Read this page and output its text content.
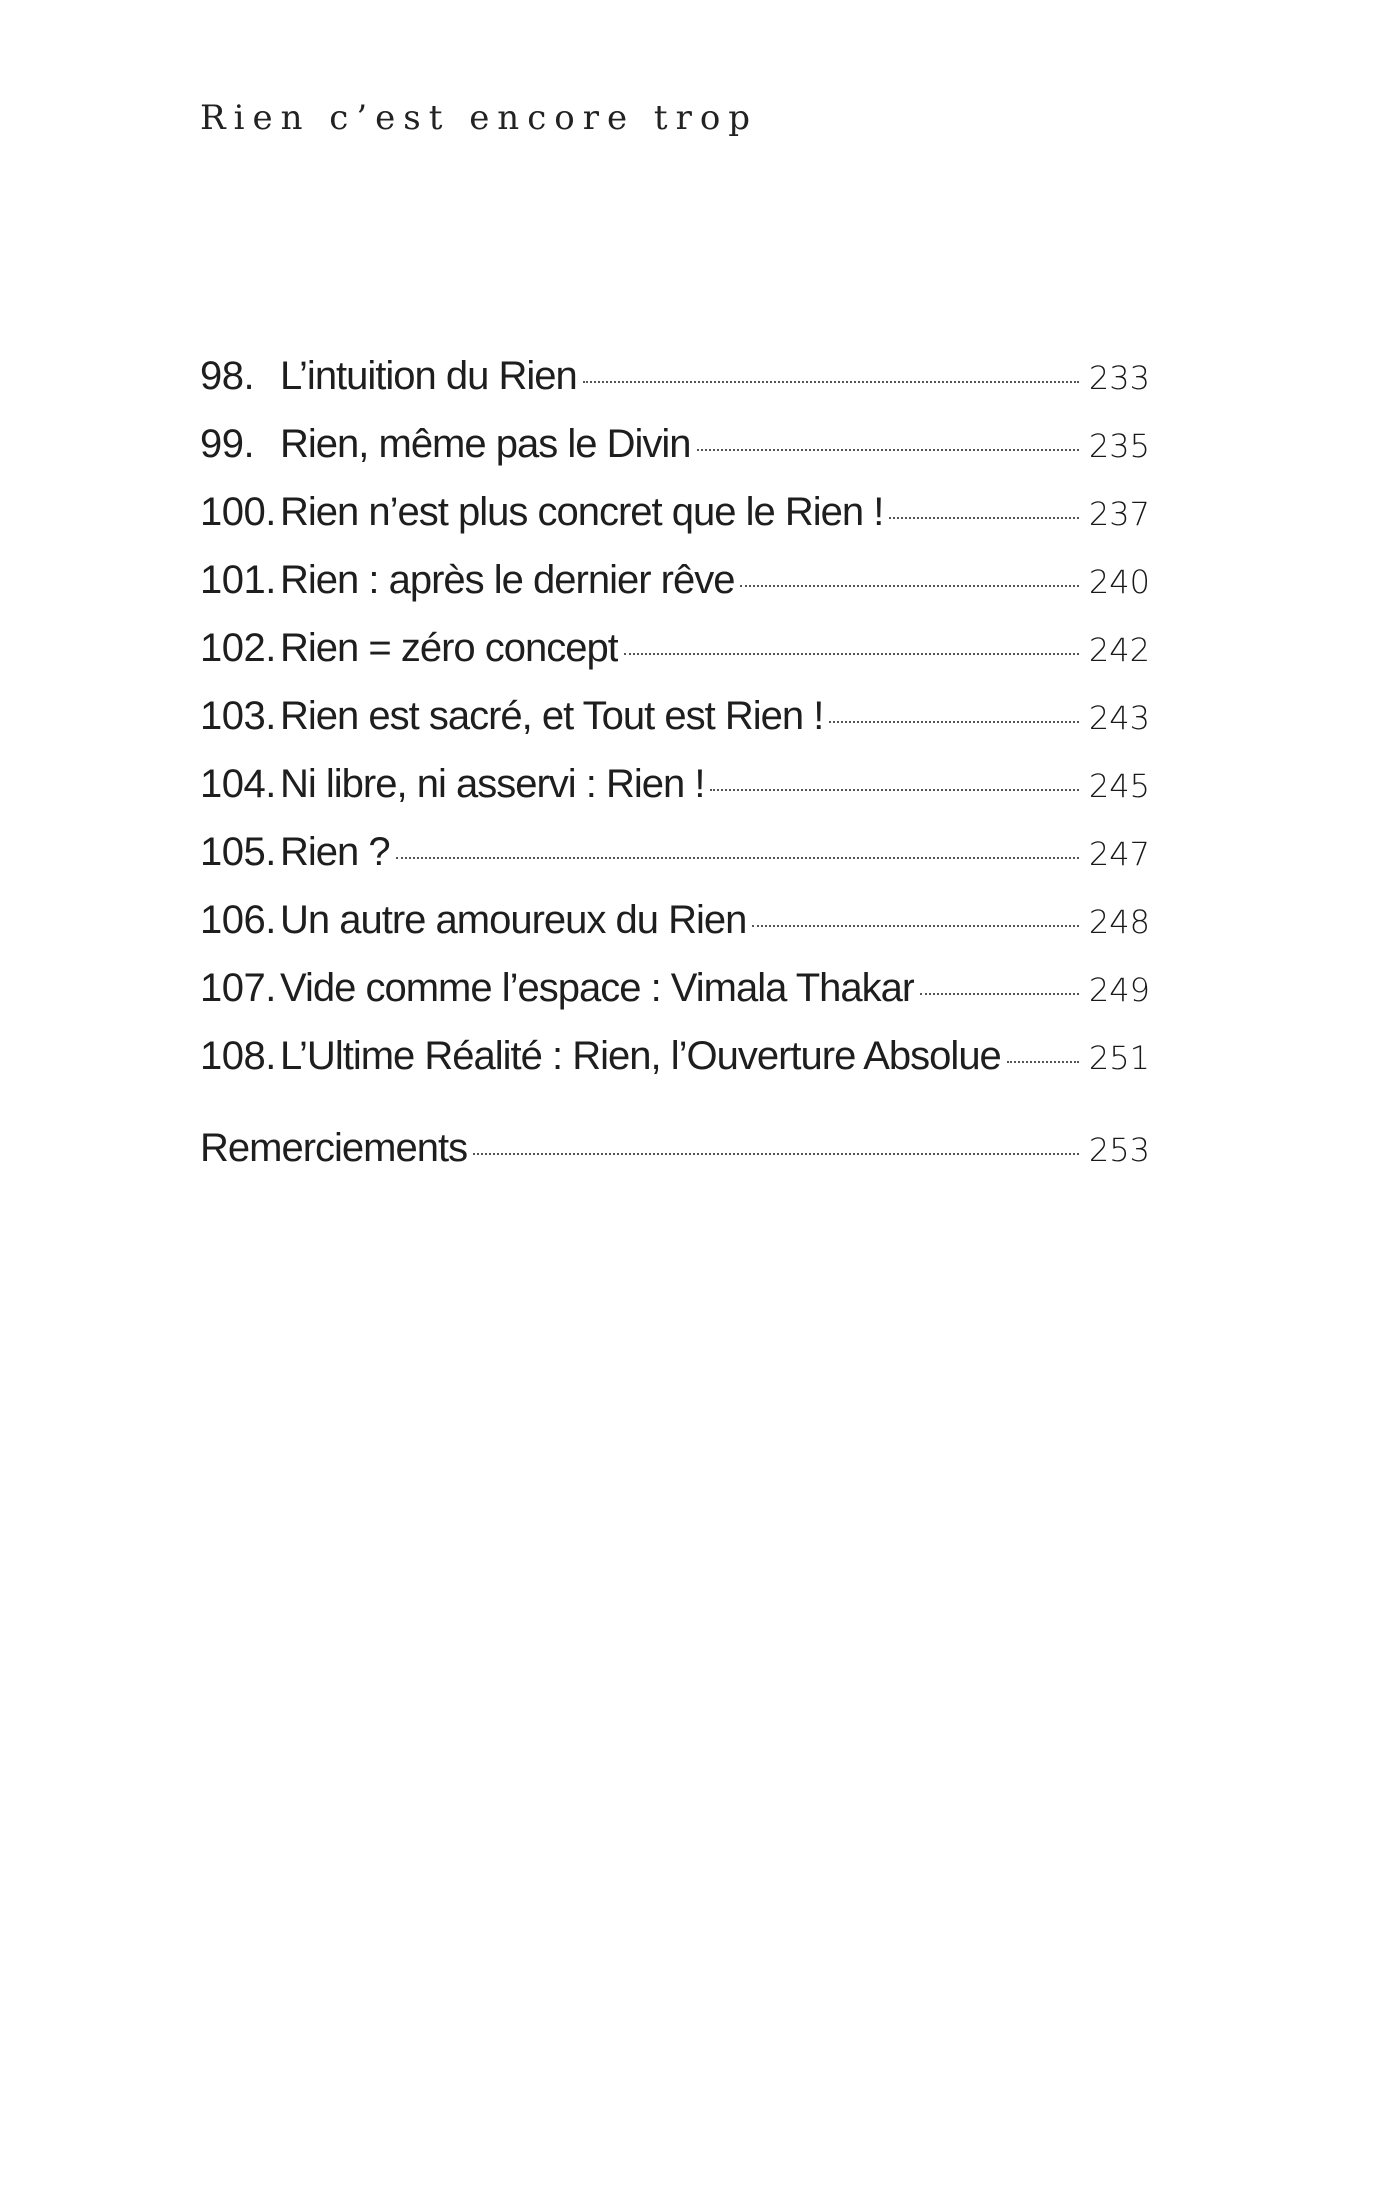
Rien c’est encore trop
98. L’intuition du Rien	233
99. Rien, même pas le Divin	235
100. Rien n’est plus concret que le Rien !	237
101. Rien : après le dernier rêve	240
102. Rien = zéro concept	242
103. Rien est sacré, et Tout est Rien !	243
104. Ni libre, ni asservi : Rien !	245
105. Rien ?	247
106. Un autre amoureux du Rien	248
107. Vide comme l’espace : Vimala Thakar	249
108. L’Ultime Réalité : Rien, l’Ouverture Absolue	251
Remerciements	253
